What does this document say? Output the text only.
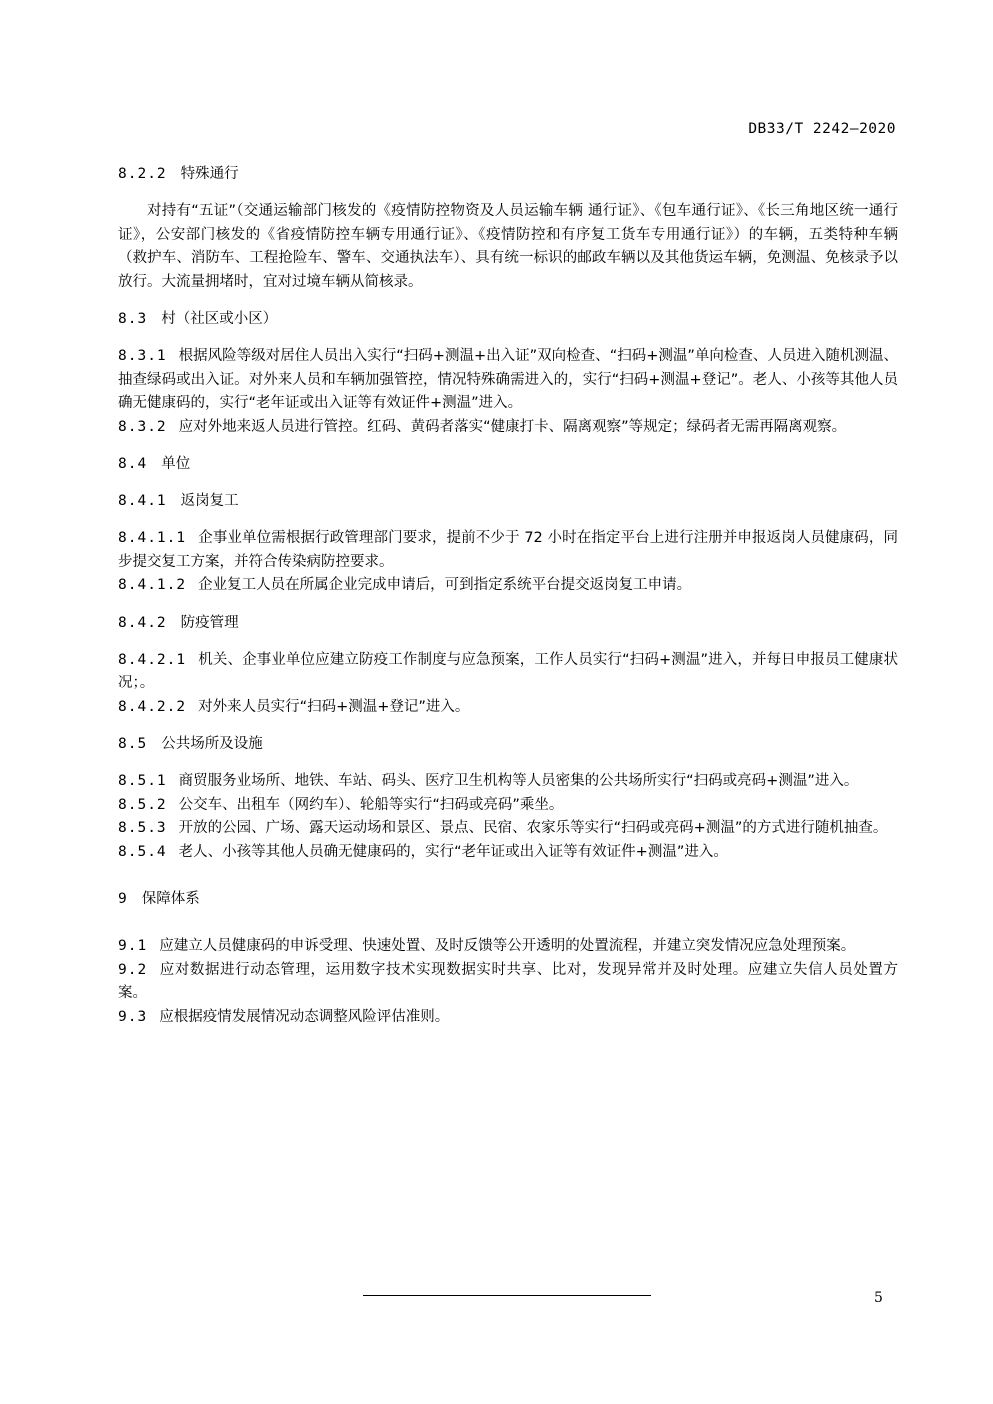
DB33/T 2242—2020

8.2.2 特殊通行

对持有“五证”（交通运输部门核发的《疫情防控物资及人员运输车辆 通行证》、《包车通行证》、《长三角地区统一通行证》，公安部门核发的《省疫情防控车辆专用通行证》、《疫情防控和有序复工货车专用通行证》）的车辆，五类特种车辆（救护车、消防车、工程抢险车、警车、交通执法车）、具有统一标识的邮政车辆以及其他货运车辆，免测温、免核录予以放行。大流量拥堵时，宜对过境车辆从简核录。

8.3 村（社区或小区）

8.3.1 根据风险等级对居住人员出入实行“扫码+测温+出入证”双向检查、“扫码+测温”单向检查、人员进入随机测温、抽查绿码或出入证。对外来人员和车辆加强管控，情况特殊确需进入的，实行“扫码+测温+登记”。老人、小孩等其他人员确无健康码的，实行“老年证或出入证等有效证件+测温”进入。

8.3.2 应对外地来返人员进行管控。红码、黄码者落实“健康打卡、隔离观察”等规定；绿码者无需再隔离观察。

8.4 单位

8.4.1 返岗复工

8.4.1.1 企事业单位需根据行政管理部门要求，提前不少于 72 小时在指定平台上进行注册并申报返岗人员健康码，同步提交复工方案，并符合传染病防控要求。

8.4.1.2 企业复工人员在所属企业完成申请后，可到指定系统平台提交返岗复工申请。

8.4.2 防疫管理

8.4.2.1 机关、企事业单位应建立防疫工作制度与应急预案，工作人员实行“扫码+测温”进入，并每日申报员工健康状况；。

8.4.2.2 对外来人员实行“扫码+测温+登记”进入。

8.5 公共场所及设施

8.5.1 商贸服务业场所、地铁、车站、码头、医疗卫生机构等人员密集的公共场所实行“扫码或亮码+测温”进入。

8.5.2 公交车、出租车（网约车）、轮船等实行“扫码或亮码”乘坐。

8.5.3 开放的公园、广场、露天运动场和景区、景点、民宿、农家乐等实行“扫码或亮码+测温”的方式进行随机抽查。

8.5.4 老人、小孩等其他人员确无健康码的，实行“老年证或出入证等有效证件+测温”进入。

9 保障体系

9.1 应建立人员健康码的申诉受理、快速处置、及时反馈等公开透明的处置流程，并建立突发情况应急处理预案。

9.2 应对数据进行动态管理，运用数字技术实现数据实时共享、比对，发现异常并及时处理。应建立失信人员处置方案。

9.3 应根据疫情发展情况动态调整风险评估准则。

5
